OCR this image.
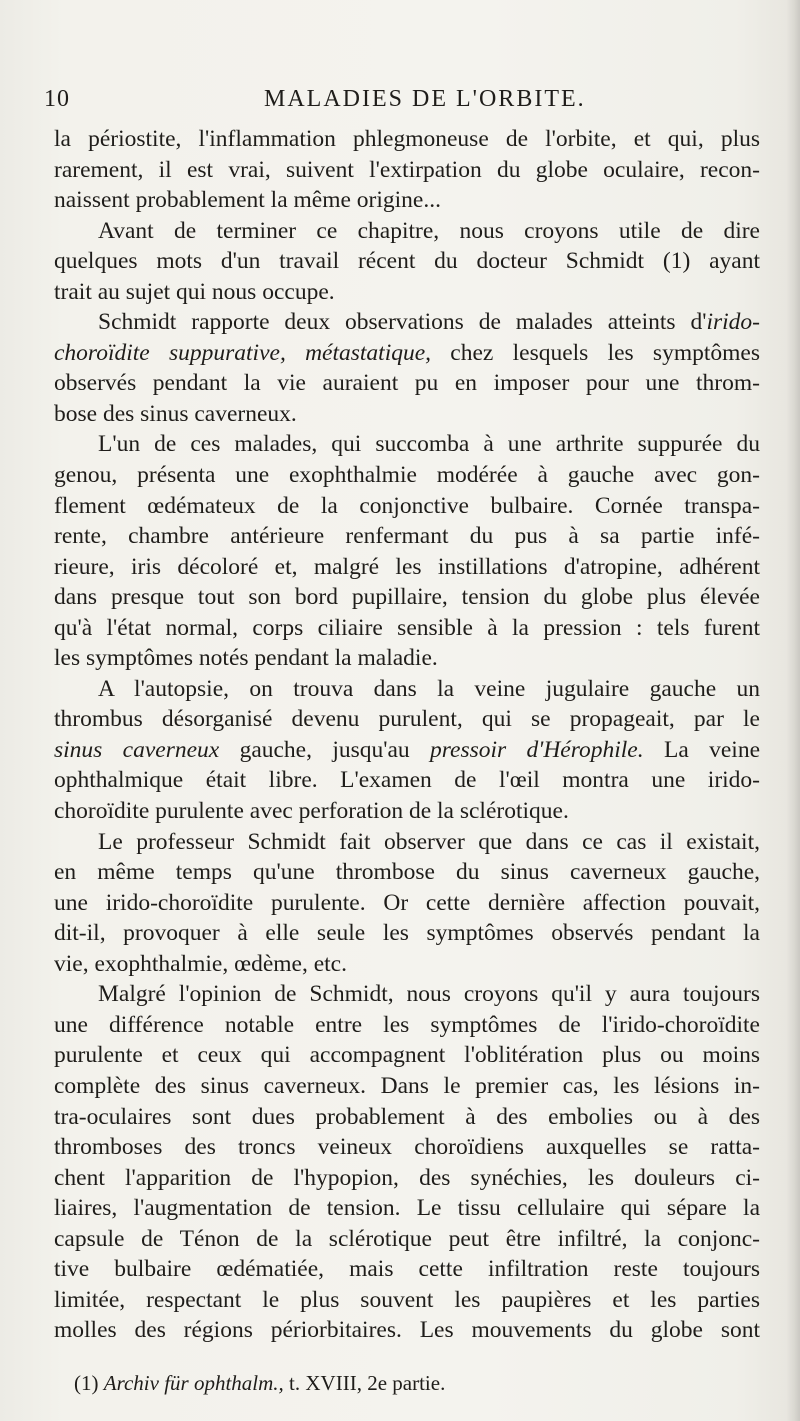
10	MALADIES DE L'ORBITE.

la périostite, l'inflammation phlegmoneuse de l'orbite, et qui, plus
rarement, il est vrai, suivent l'extirpation du globe oculaire, recon-
naissent probablement la même origine...

Avant de terminer ce chapitre, nous croyons utile de dire
quelques mots d'un travail récent du docteur Schmidt (1) ayant
trait au sujet qui nous occupe.

Schmidt rapporte deux observations de malades atteints d'irido-
choroïdite suppurative, métastatique, chez lesquels les symptômes
observés pendant la vie auraient pu en imposer pour une throm-
bose des sinus caverneux.

L'un de ces malades, qui succomba à une arthrite suppurée du
genou, présenta une exophthalmie modérée à gauche avec gon-
flement œdémateux de la conjonctive bulbaire. Cornée transpa-
rente, chambre antérieure renfermant du pus à sa partie infé-
rieure, iris décoloré et, malgré les instillations d'atropine, adhérent
dans presque tout son bord pupillaire, tension du globe plus élevée
qu'à l'état normal, corps ciliaire sensible à la pression : tels furent
les symptômes notés pendant la maladie.

A l'autopsie, on trouva dans la veine jugulaire gauche un
thrombus désorganisé devenu purulent, qui se propageait, par le
sinus caverneux gauche, jusqu'au pressoir d'Hérophile. La veine
ophthalmique était libre. L'examen de l'œil montra une irido-
choroïdite purulente avec perforation de la sclérotique.

Le professeur Schmidt fait observer que dans ce cas il existait,
en même temps qu'une thrombose du sinus caverneux gauche,
une irido-choroïdite purulente. Or cette dernière affection pouvait,
dit-il, provoquer à elle seule les symptômes observés pendant la
vie, exophthalmie, œdème, etc.

Malgré l'opinion de Schmidt, nous croyons qu'il y aura toujours
une différence notable entre les symptômes de l'irido-choroïdite
purulente et ceux qui accompagnent l'oblitération plus ou moins
complète des sinus caverneux. Dans le premier cas, les lésions in-
tra-oculaires sont dues probablement à des embolies ou à des
thromboses des troncs veineux choroïdiens auxquelles se ratta-
chent l'apparition de l'hypopion, des synéchies, les douleurs ci-
liaires, l'augmentation de tension. Le tissu cellulaire qui sépare la
capsule de Ténon de la sclérotique peut être infiltré, la conjonc-
tive bulbaire œdématiée, mais cette infiltration reste toujours
limitée, respectant le plus souvent les paupières et les parties
molles des régions périorbitaires. Les mouvements du globe sont

(1) Archiv für ophthalm., t. XVIII, 2e partie.
